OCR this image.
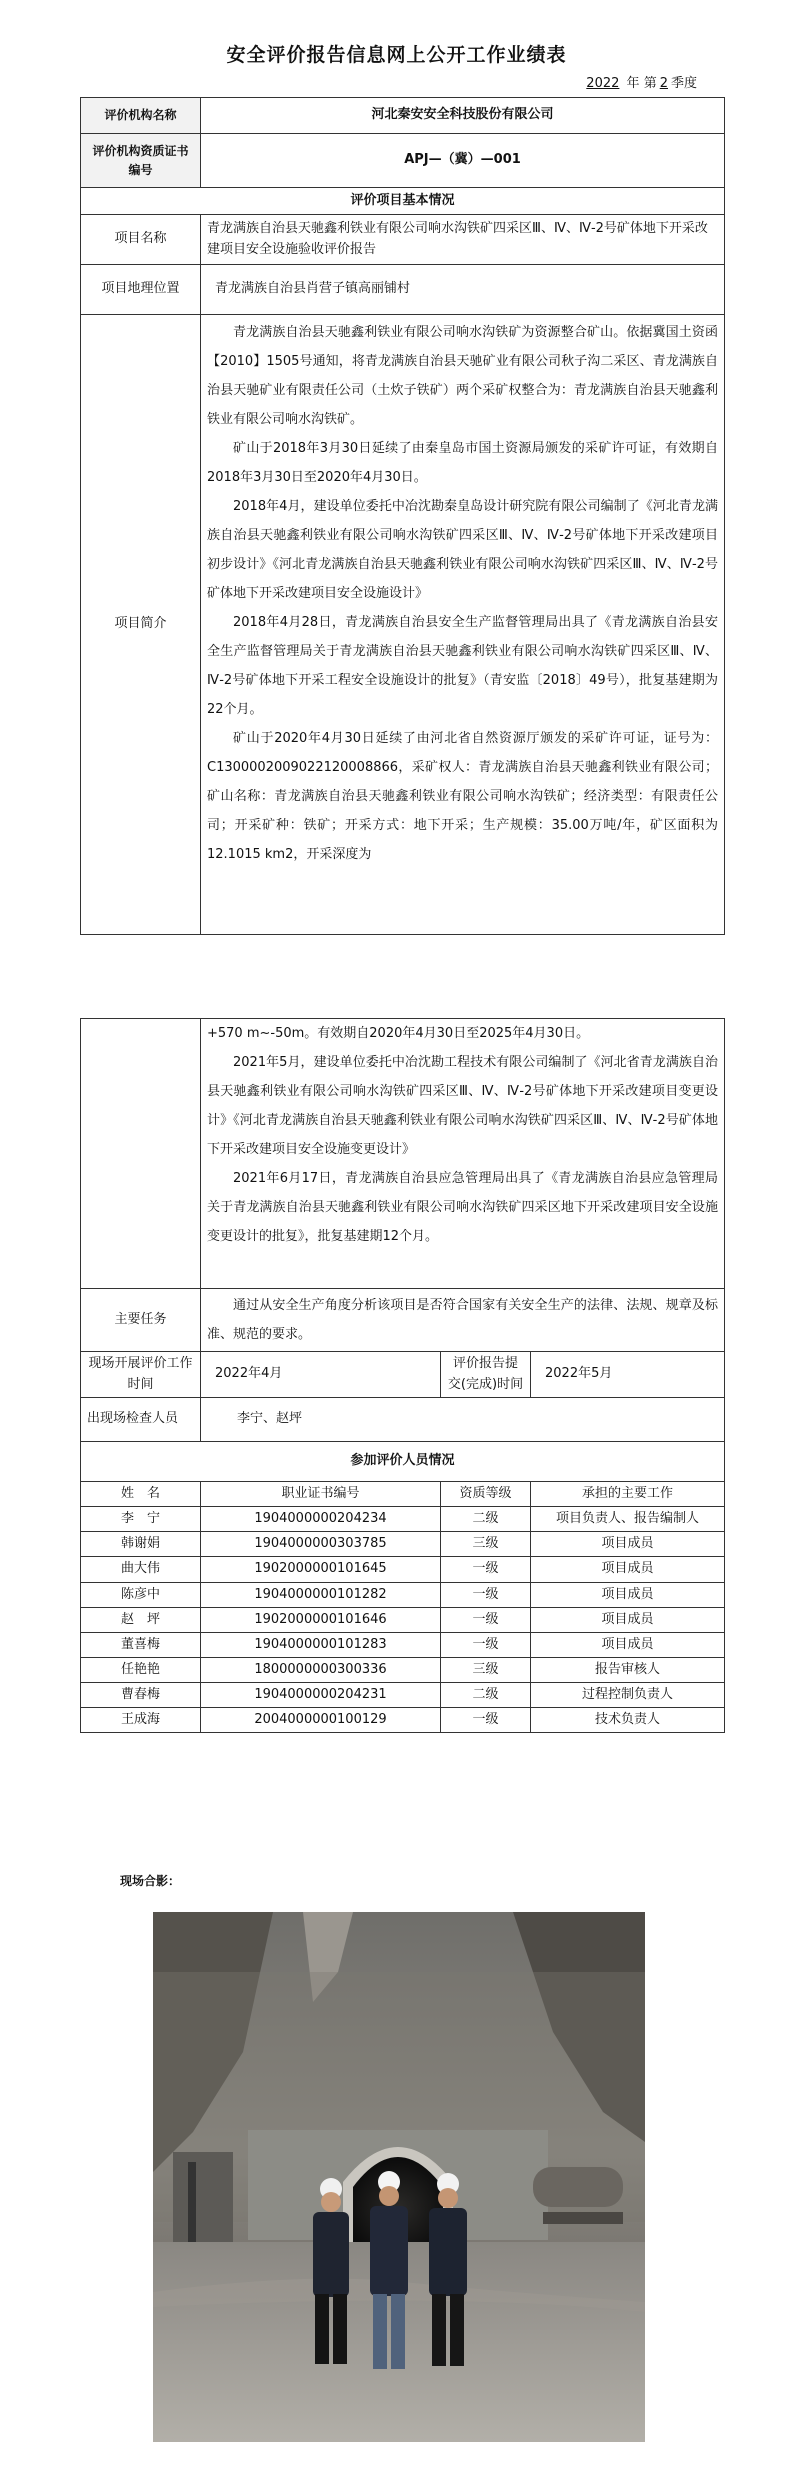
安全评价报告信息网上公开工作业绩表
2022 年 第 2 季度
评价机构名称	河北秦安安全科技股份有限公司
评价机构资质证书编号	APJ—（冀）—001
评价项目基本情况	
项目名称	青龙满族自治县天驰鑫利铁业有限公司响水沟铁矿四采区Ⅲ、Ⅳ、Ⅳ-2号矿体地下开采改建项目安全设施验收评价报告
项目地理位置	青龙满族自治县肖营子镇高丽铺村
项目简介	青龙满族自治县天驰鑫利铁业有限公司响水沟铁矿为资源整合矿山。依据冀国土资函【2010】1505号通知，将青龙满族自治县天驰矿业有限公司秋子沟二采区、青龙满族自治县天驰矿业有限责任公司（土炊子铁矿）两个采矿权整合为：青龙满族自治县天驰鑫利铁业有限公司响水沟铁矿。

矿山于2018年3月30日延续了由秦皇岛市国土资源局颁发的采矿许可证，有效期自2018年3月30日至2020年4月30日。

2018年4月，建设单位委托中冶沈勘秦皇岛设计研究院有限公司编制了《河北青龙满族自治县天驰鑫利铁业有限公司响水沟铁矿四采区Ⅲ、Ⅳ、Ⅳ-2号矿体地下开采改建项目初步设计》《河北青龙满族自治县天驰鑫利铁业有限公司响水沟铁矿四采区Ⅲ、Ⅳ、Ⅳ-2号矿体地下开采改建项目安全设施设计》

2018年4月28日，青龙满族自治县安全生产监督管理局出具了《青龙满族自治县安全生产监督管理局关于青龙满族自治县天驰鑫利铁业有限公司响水沟铁矿四采区Ⅲ、Ⅳ、Ⅳ-2号矿体地下开采工程安全设施设计的批复》（青安监〔2018〕49号），批复基建期为22个月。

矿山于2020年4月30日延续了由河北省自然资源厅颁发的采矿许可证，证号为：C1300002009022120008866，采矿权人：青龙满族自治县天驰鑫利铁业有限公司；矿山名称：青龙满族自治县天驰鑫利铁业有限公司响水沟铁矿；经济类型：有限责任公司；开采矿种：铁矿；开采方式：地下开采；生产规模：35.00万吨/年，矿区面积为12.1015 km2，开采深度为

	+570 m~-50m。有效期自2020年4月30日至2025年4月30日。

2021年5月，建设单位委托中冶沈勘工程技术有限公司编制了《河北省青龙满族自治县天驰鑫利铁业有限公司响水沟铁矿四采区Ⅲ、Ⅳ、Ⅳ-2号矿体地下开采改建项目变更设计》《河北青龙满族自治县天驰鑫利铁业有限公司响水沟铁矿四采区Ⅲ、Ⅳ、Ⅳ-2号矿体地下开采改建项目安全设施变更设计》

2021年6月17日，青龙满族自治县应急管理局出具了《青龙满族自治县应急管理局关于青龙满族自治县天驰鑫利铁业有限公司响水沟铁矿四采区地下开采改建项目安全设施变更设计的批复》，批复基建期12个月。		

主要任务	通过从安全生产角度分析该项目是否符合国家有关安全生产的法律、法规、规章及标准、规范的要求。		

现场开展评价工作时间	2022年4月	评价报告提交(完成)时间	2022年5月
出现场检查人员	李宁、赵坪		
参加评价人员情况			
姓　名	职业证书编号	资质等级	承担的主要工作
李　宁	1904000000204234	二级	项目负责人、报告编制人
韩谢娟	1904000000303785	三级	项目成员
曲大伟	1902000000101645	一级	项目成员
陈彦中	1904000000101282	一级	项目成员
赵　坪	1902000000101646	一级	项目成员
董喜梅	1904000000101283	一级	项目成员
任艳艳	1800000000300336	三级	报告审核人
曹春梅	1904000000204231	二级	过程控制负责人
王成海	2004000000100129	一级	技术负责人
现场合影：
